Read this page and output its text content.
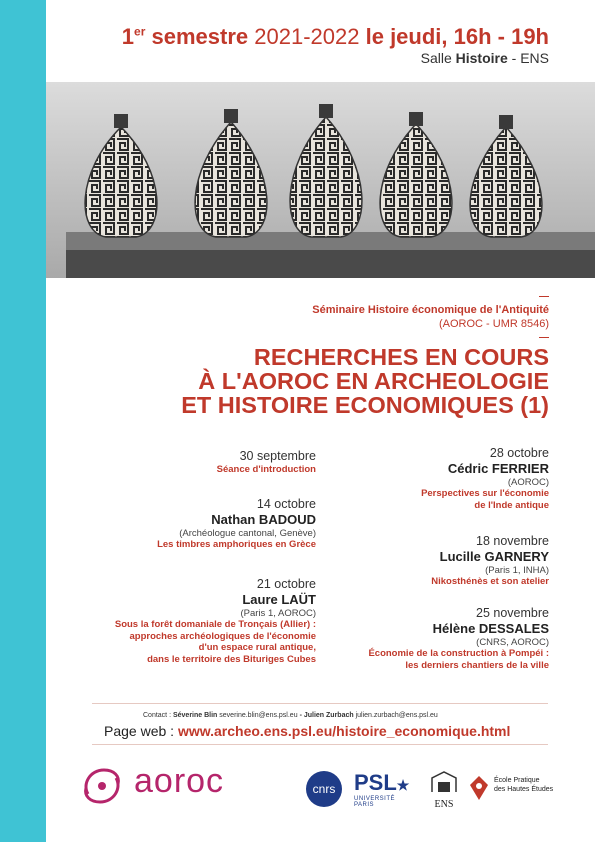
1er semestre 2021-2022 le jeudi, 16h - 19h
Salle Histoire - ENS
Séminaire Histoire économique de l'Antiquité
(AOROC - UMR 8546)
RECHERCHES EN COURS
À L'AOROC EN ARCHEOLOGIE
ET HISTOIRE ECONOMIQUES (1)
30 septembre
Séance d'introduction
14 octobre
Nathan BADOUD
(Archéologue cantonal, Genève)
Les timbres amphoriques en Grèce
21 octobre
Laure LAÜT
(Paris 1, AOROC)
Sous la forêt domaniale de Tronçais (Allier) :
approches archéologiques de l'économie
d'un espace rural antique,
dans le territoire des Bituriges Cubes
28 octobre
Cédric FERRIER
(AOROC)
Perspectives sur l'économie
de l'Inde antique
18 novembre
Lucille GARNERY
(Paris 1, INHA)
Nikosthénès et son atelier
25 novembre
Hélène DESSALES
(CNRS, AOROC)
Économie de la construction à Pompéi :
les derniers chantiers de la ville
Contact : Séverine Blin severine.blin@ens.psl.eu - Julien Zurbach julien.zurbach@ens.psl.eu
Page web : www.archeo.ens.psl.eu/histoire_economique.html
aoroc	cnrs PSL★
UNIVERSITÉ PARIS	ENS
École Pratique
des Hautes Études
